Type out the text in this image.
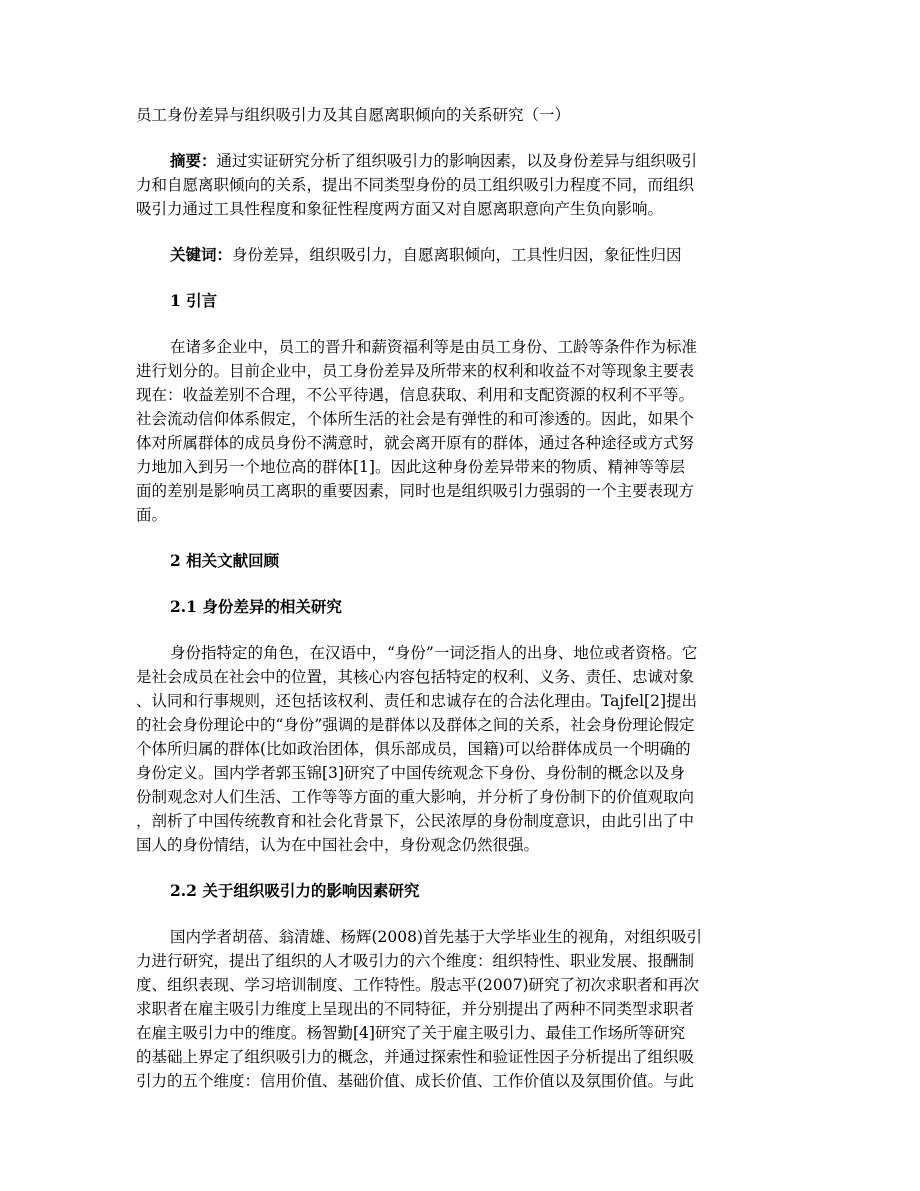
员工身份差异与组织吸引力及其自愿离职倾向的关系研究（一）
摘要：通过实证研究分析了组织吸引力的影响因素，以及身份差异与组织吸引
力和自愿离职倾向的关系，提出不同类型身份的员工组织吸引力程度不同，而组织
吸引力通过工具性程度和象征性程度两方面又对自愿离职意向产生负向影响。
关键词：身份差异，组织吸引力，自愿离职倾向，工具性归因，象征性归因
1 引言
在诸多企业中，员工的晋升和薪资福利等是由员工身份、工龄等条件作为标准
进行划分的。目前企业中，员工身份差异及所带来的权利和收益不对等现象主要表
现在：收益差别不合理，不公平待遇，信息获取、利用和支配资源的权利不平等。
社会流动信仰体系假定，个体所生活的社会是有弹性的和可渗透的。因此，如果个
体对所属群体的成员身份不满意时，就会离开原有的群体，通过各种途径或方式努
力地加入到另一个地位高的群体[1]。因此这种身份差异带来的物质、精神等等层
面的差别是影响员工离职的重要因素，同时也是组织吸引力强弱的一个主要表现方
面。
2 相关文献回顾
2.1 身份差异的相关研究
身份指特定的角色，在汉语中，“身份”一词泛指人的出身、地位或者资格。它
是社会成员在社会中的位置，其核心内容包括特定的权利、义务、责任、忠诚对象
、认同和行事规则，还包括该权利、责任和忠诚存在的合法化理由。Tajfel[2]提出
的社会身份理论中的“身份”强调的是群体以及群体之间的关系，社会身份理论假定
个体所归属的群体(比如政治团体，俱乐部成员，国籍)可以给群体成员一个明确的
身份定义。国内学者郭玉锦[3]研究了中国传统观念下身份、身份制的概念以及身
份制观念对人们生活、工作等等方面的重大影响，并分析了身份制下的价值观取向
，剖析了中国传统教育和社会化背景下，公民浓厚的身份制度意识，由此引出了中
国人的身份情结，认为在中国社会中，身份观念仍然很强。
2.2 关于组织吸引力的影响因素研究
国内学者胡蓓、翁清雄、杨辉(2008)首先基于大学毕业生的视角，对组织吸引
力进行研究，提出了组织的人才吸引力的六个维度：组织特性、职业发展、报酬制
度、组织表现、学习培训制度、工作特性。殷志平(2007)研究了初次求职者和再次
求职者在雇主吸引力维度上呈现出的不同特征，并分别提出了两种不同类型求职者
在雇主吸引力中的维度。杨智勤[4]研究了关于雇主吸引力、最佳工作场所等研究
的基础上界定了组织吸引力的概念，并通过探索性和验证性因子分析提出了组织吸
引力的五个维度：信用价值、基础价值、成长价值、工作价值以及氛围价值。与此
